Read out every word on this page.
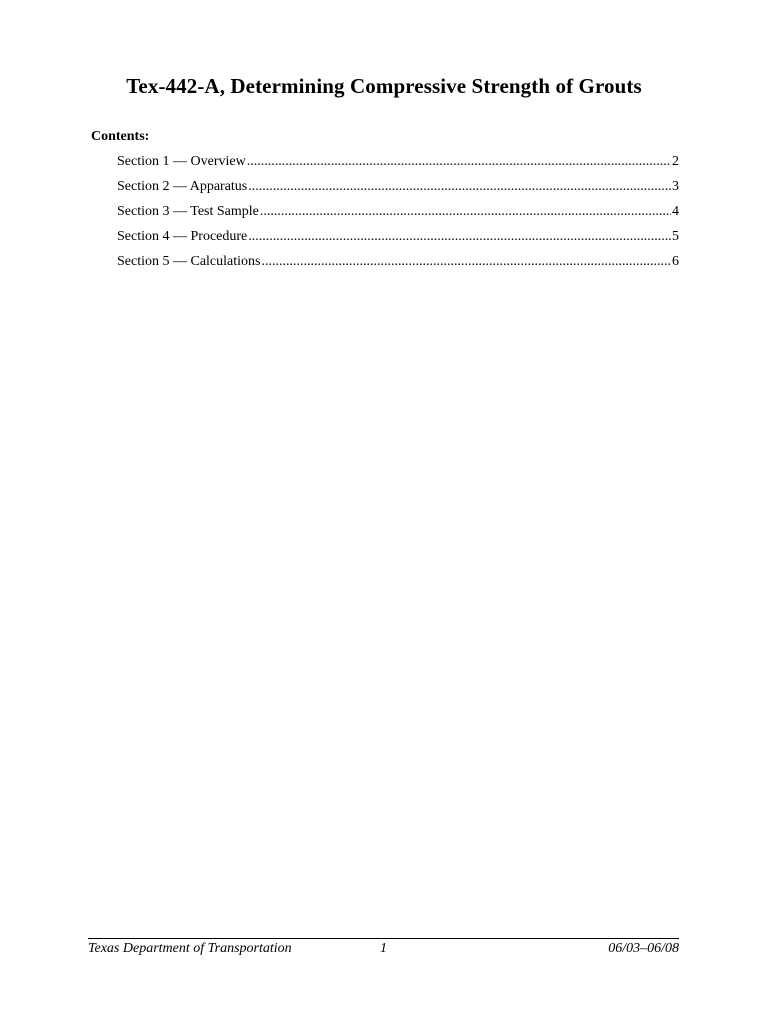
Tex-442-A, Determining Compressive Strength of Grouts
Contents:
Section 1 — Overview .....	2
Section 2 — Apparatus .....	3
Section 3 — Test Sample .....	4
Section 4 — Procedure .....	5
Section 5 — Calculations .....	6
Texas Department of Transportation	1	06/03–06/08
